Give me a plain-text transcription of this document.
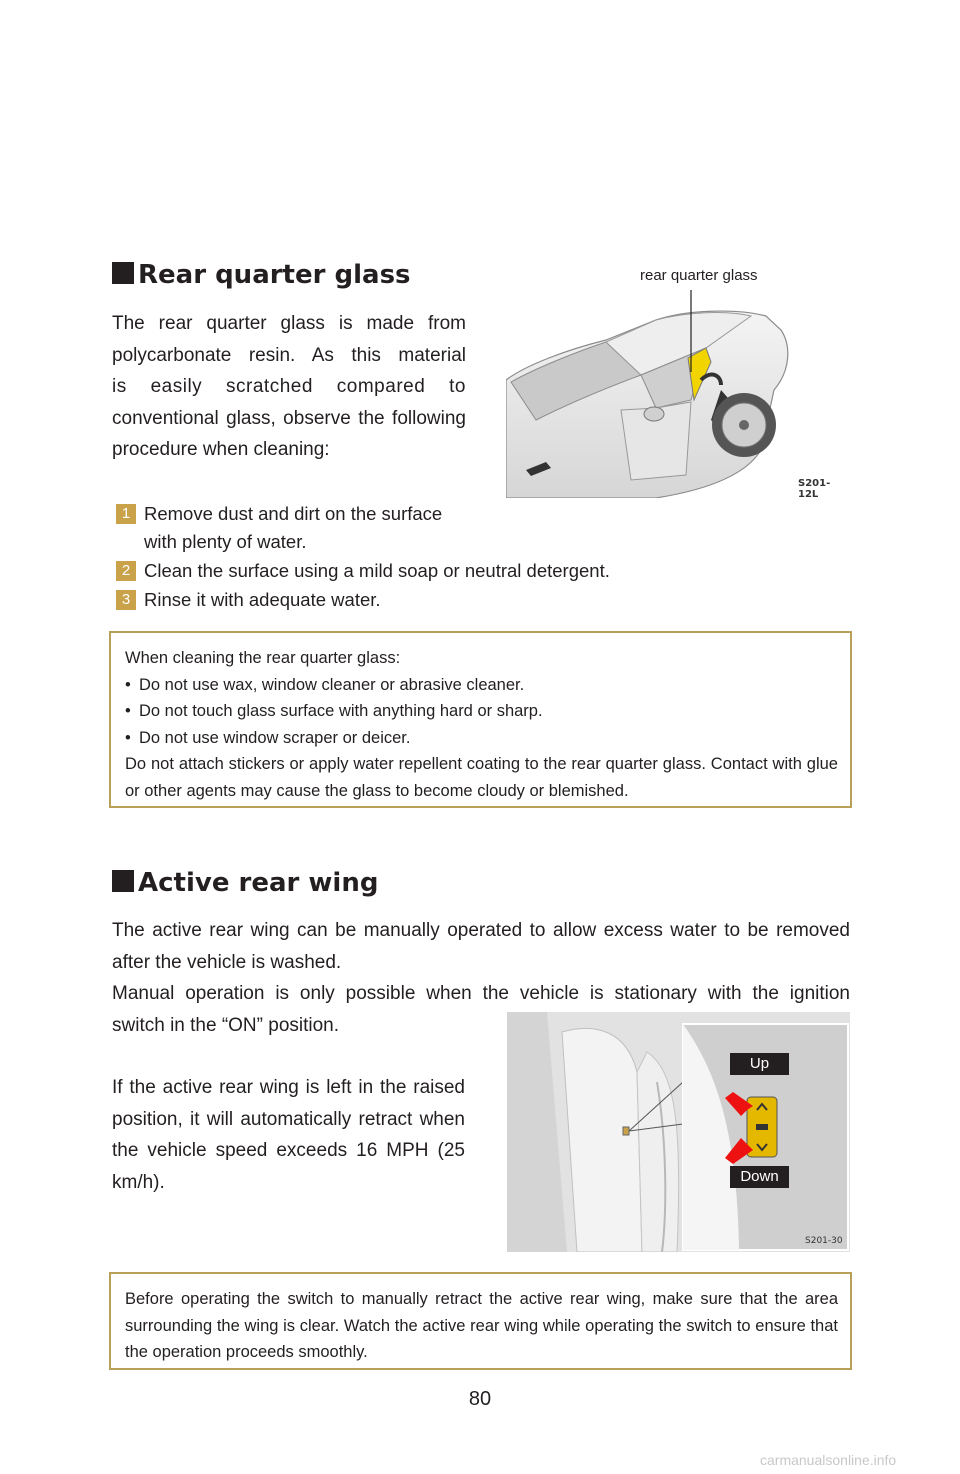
Rear quarter glass
The rear quarter glass is made from
polycarbonate resin. As this material
is easily scratched compared to
conventional glass, observe the following
procedure when cleaning:
rear quarter glass
S201-12L
1 Remove dust and dirt on the surface
with plenty of water.
2 Clean the surface using a mild soap or neutral detergent.
3 Rinse it with adequate water.

When cleaning the rear quarter glass:

• Do not use wax, window cleaner or abrasive cleaner.
• Do not touch glass surface with anything hard or sharp.
• Do not use window scraper or deicer.

Do not attach stickers or apply water repellent coating to the rear quarter glass. Contact with glue or other agents may cause the glass to become cloudy or blemished.

Active rear wing
The active rear wing can be manually operated to allow excess water to be removed
after the vehicle is washed.
Manual operation is only possible when the vehicle is stationary with the ignition
switch in the “ON” position.
If the active rear wing is left in the raised
position, it will automatically retract when
the vehicle speed exceeds 16 MPH (25
km/h).
Up
Down
S201-30

Before operating the switch to manually retract the active rear wing, make sure that the area surrounding the wing is clear. Watch the active rear wing while operating the switch to ensure that the operation proceeds smoothly.

80
carmanualsonline.info
